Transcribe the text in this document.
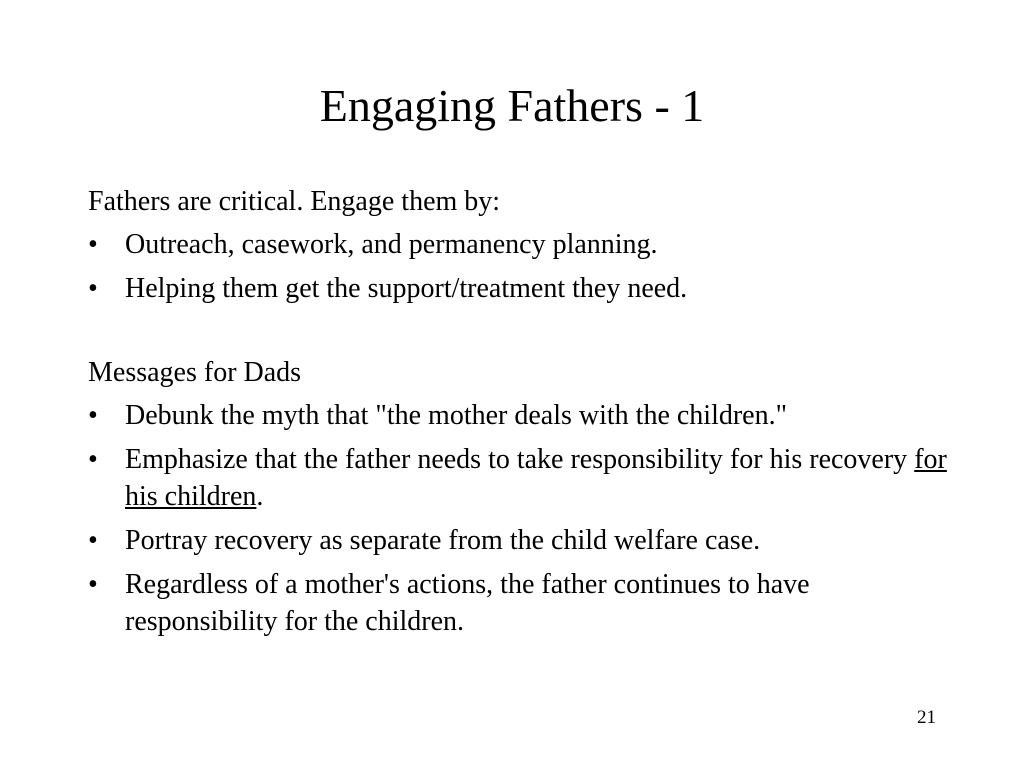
Engaging Fathers - 1

Fathers are critical. Engage them by:

• Outreach, casework, and permanency planning.
• Helping them get the support/treatment they need.

Messages for Dads

• Debunk the myth that "the mother deals with the children."
• Emphasize that the father needs to take responsibility for his recovery for his children.
• Portray recovery as separate from the child welfare case.
• Regardless of a mother's actions, the father continues to have responsibility for the children.
21
